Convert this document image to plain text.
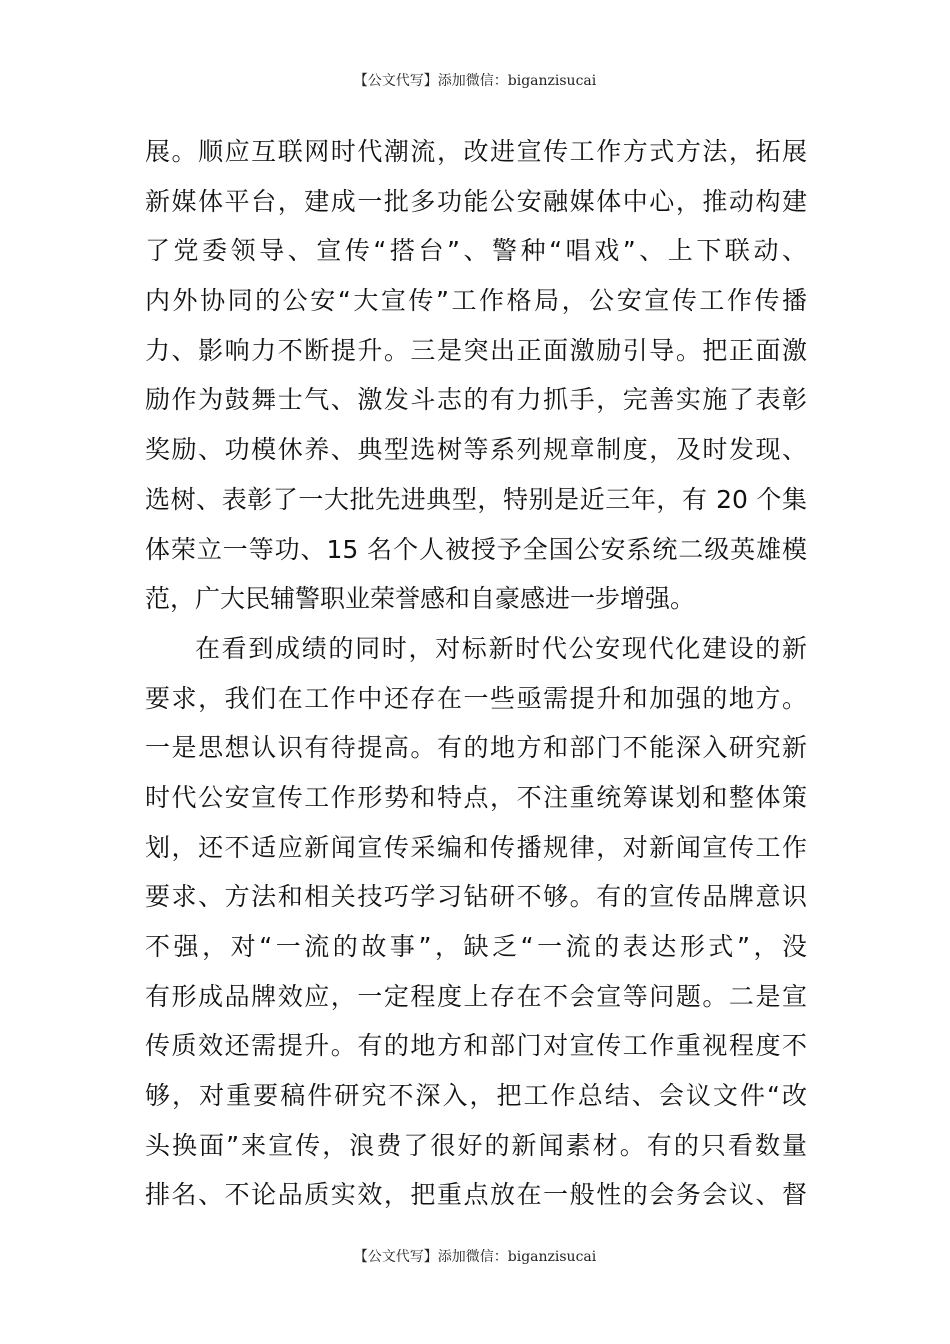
【公文代写】添加微信：biganzisucai
展。顺应互联网时代潮流，改进宣传工作方式方法，拓展
新媒体平台，建成一批多功能公安融媒体中心，推动构建
了党委领导、宣传“搭台”、警种“唱戏”、上下联动、
内外协同的公安“大宣传”工作格局，公安宣传工作传播
力、影响力不断提升。三是突出正面激励引导。把正面激
励作为鼓舞士气、激发斗志的有力抓手，完善实施了表彰
奖励、功模休养、典型选树等系列规章制度，及时发现、
选树、表彰了一大批先进典型，特别是近三年，有 20 个集
体荣立一等功、15 名个人被授予全国公安系统二级英雄模
范，广大民辅警职业荣誉感和自豪感进一步增强。
在看到成绩的同时，对标新时代公安现代化建设的新
要求，我们在工作中还存在一些亟需提升和加强的地方。
一是思想认识有待提高。有的地方和部门不能深入研究新
时代公安宣传工作形势和特点，不注重统筹谋划和整体策
划，还不适应新闻宣传采编和传播规律，对新闻宣传工作
要求、方法和相关技巧学习钻研不够。有的宣传品牌意识
不强，对“一流的故事”，缺乏“一流的表达形式”，没
有形成品牌效应，一定程度上存在不会宣等问题。二是宣
传质效还需提升。有的地方和部门对宣传工作重视程度不
够，对重要稿件研究不深入，把工作总结、会议文件“改
头换面”来宣传，浪费了很好的新闻素材。有的只看数量
排名、不论品质实效，把重点放在一般性的会务会议、督
【公文代写】添加微信：biganzisucai
